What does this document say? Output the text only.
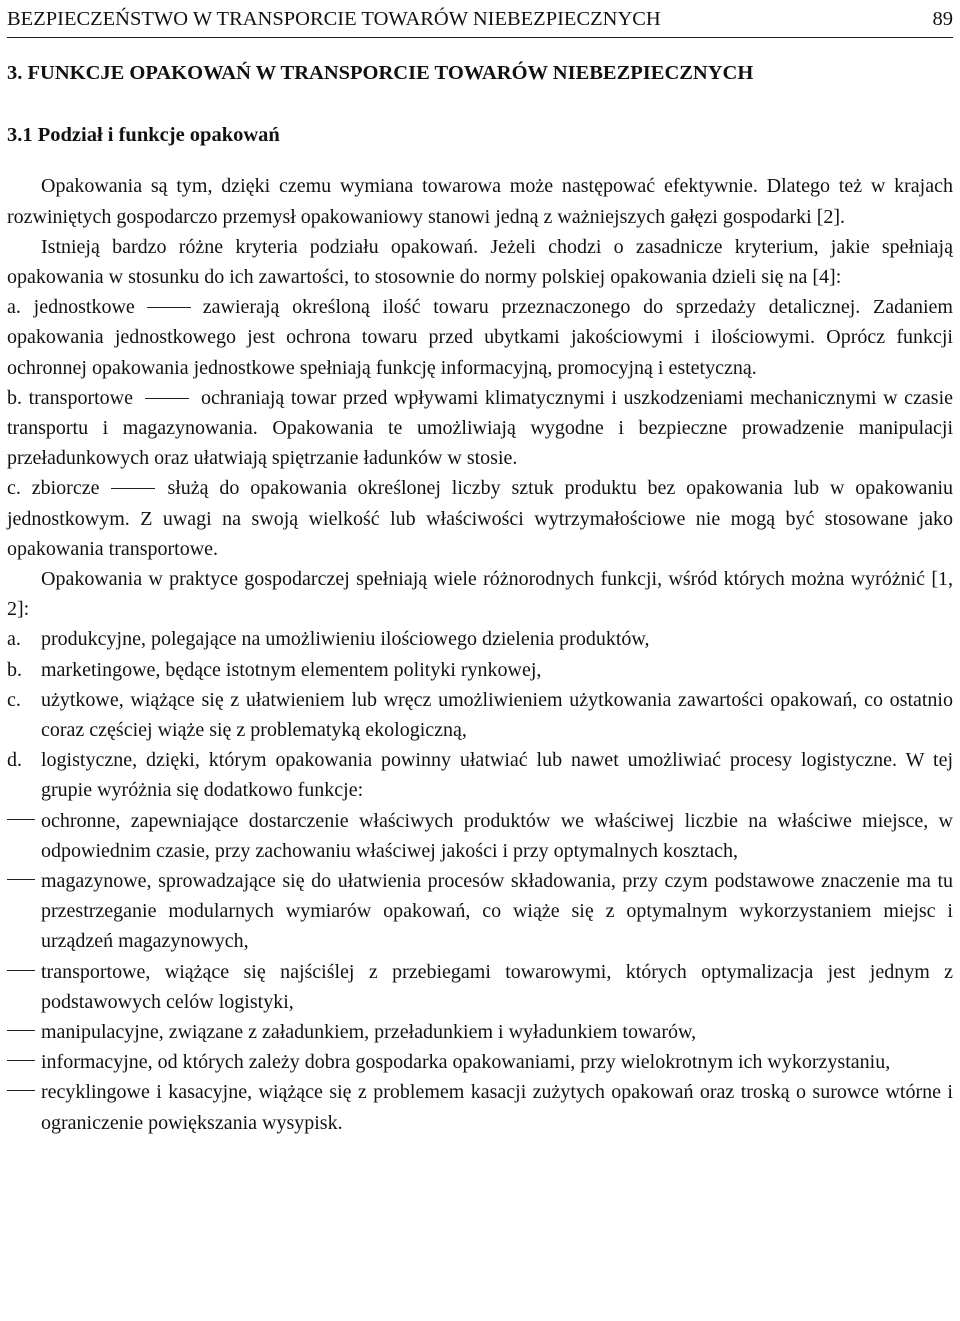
BEZPIECZEŃSTWO W TRANSPORCIE TOWARÓW NIEBEZPIECZNYCH	89
3. FUNKCJE OPAKOWAŃ W TRANSPORCIE TOWARÓW NIEBEZPIECZNYCH
3.1 Podział i funkcje opakowań

Opakowania są tym, dzięki czemu wymiana towarowa może następować efektywnie. Dlatego też w krajach rozwiniętych gospodarczo przemysł opakowaniowy stanowi jedną z ważniejszych gałęzi gospodarki [2].

Istnieją bardzo różne kryteria podziału opakowań. Jeżeli chodzi o zasadnicze kryterium, jakie spełniają opakowania w stosunku do ich zawartości, to stosownie do normy polskiej opakowania dzieli się na [4]:

a. jednostkowe	zawierają określoną ilość towaru przeznaczonego do sprzedaży detalicznej. Zadaniem opakowania jednostkowego jest ochrona towaru przed ubytkami jakościowymi i ilościowymi. Oprócz funkcji ochronnej opakowania jednostkowe spełniają funkcję informacyjną, promocyjną i estetyczną.

b. transportowe	ochraniają towar przed wpływami klimatycznymi i uszkodzeniami mechanicznymi w czasie transportu i magazynowania. Opakowania te umożliwiają wygodne i bezpieczne prowadzenie manipulacji przeładunkowych oraz ułatwiają spiętrzanie ładunków w stosie.

c. zbiorcze	służą do opakowania określonej liczby sztuk produktu bez opakowania lub w opakowaniu jednostkowym. Z uwagi na swoją wielkość lub właściwości wytrzymałościowe nie mogą być stosowane jako opakowania transportowe.

Opakowania w praktyce gospodarczej spełniają wiele różnorodnych funkcji, wśród których można wyróżnić [1, 2]:

a.	produkcyjne, polegające na umożliwieniu ilościowego dzielenia produktów,
b. marketingowe, będące istotnym elementem polityki rynkowej,
c.	użytkowe, wiążące się z ułatwieniem lub wręcz umożliwieniem użytkowania zawartości opakowań, co ostatnio coraz częściej wiąże się z problematyką ekologiczną,
d. logistyczne, dzięki, którym opakowania powinny ułatwiać lub nawet umożliwiać procesy logistyczne. W tej grupie wyróżnia się dodatkowo funkcje:
ochronne, zapewniające dostarczenie właściwych produktów we właściwej liczbie na właściwe miejsce, w odpowiednim czasie, przy zachowaniu właściwej jakości i przy optymalnych kosztach,
magazynowe, sprowadzające się do ułatwienia procesów składowania, przy czym podstawowe znaczenie ma tu przestrzeganie modularnych wymiarów opakowań, co wiąże się z optymalnym wykorzystaniem miejsc i urządzeń magazynowych,
transportowe, wiążące się najściślej z przebiegami towarowymi, których optymalizacja jest jednym z podstawowych celów logistyki,
manipulacyjne, związane z załadunkiem, przeładunkiem i wyładunkiem towarów,
informacyjne, od których zależy dobra gospodarka opakowaniami, przy wielokrotnym ich wykorzystaniu,
recyklingowe i kasacyjne, wiążące się z problemem kasacji zużytych opakowań oraz troską o surowce wtórne i ograniczenie powiększania wysypisk.
